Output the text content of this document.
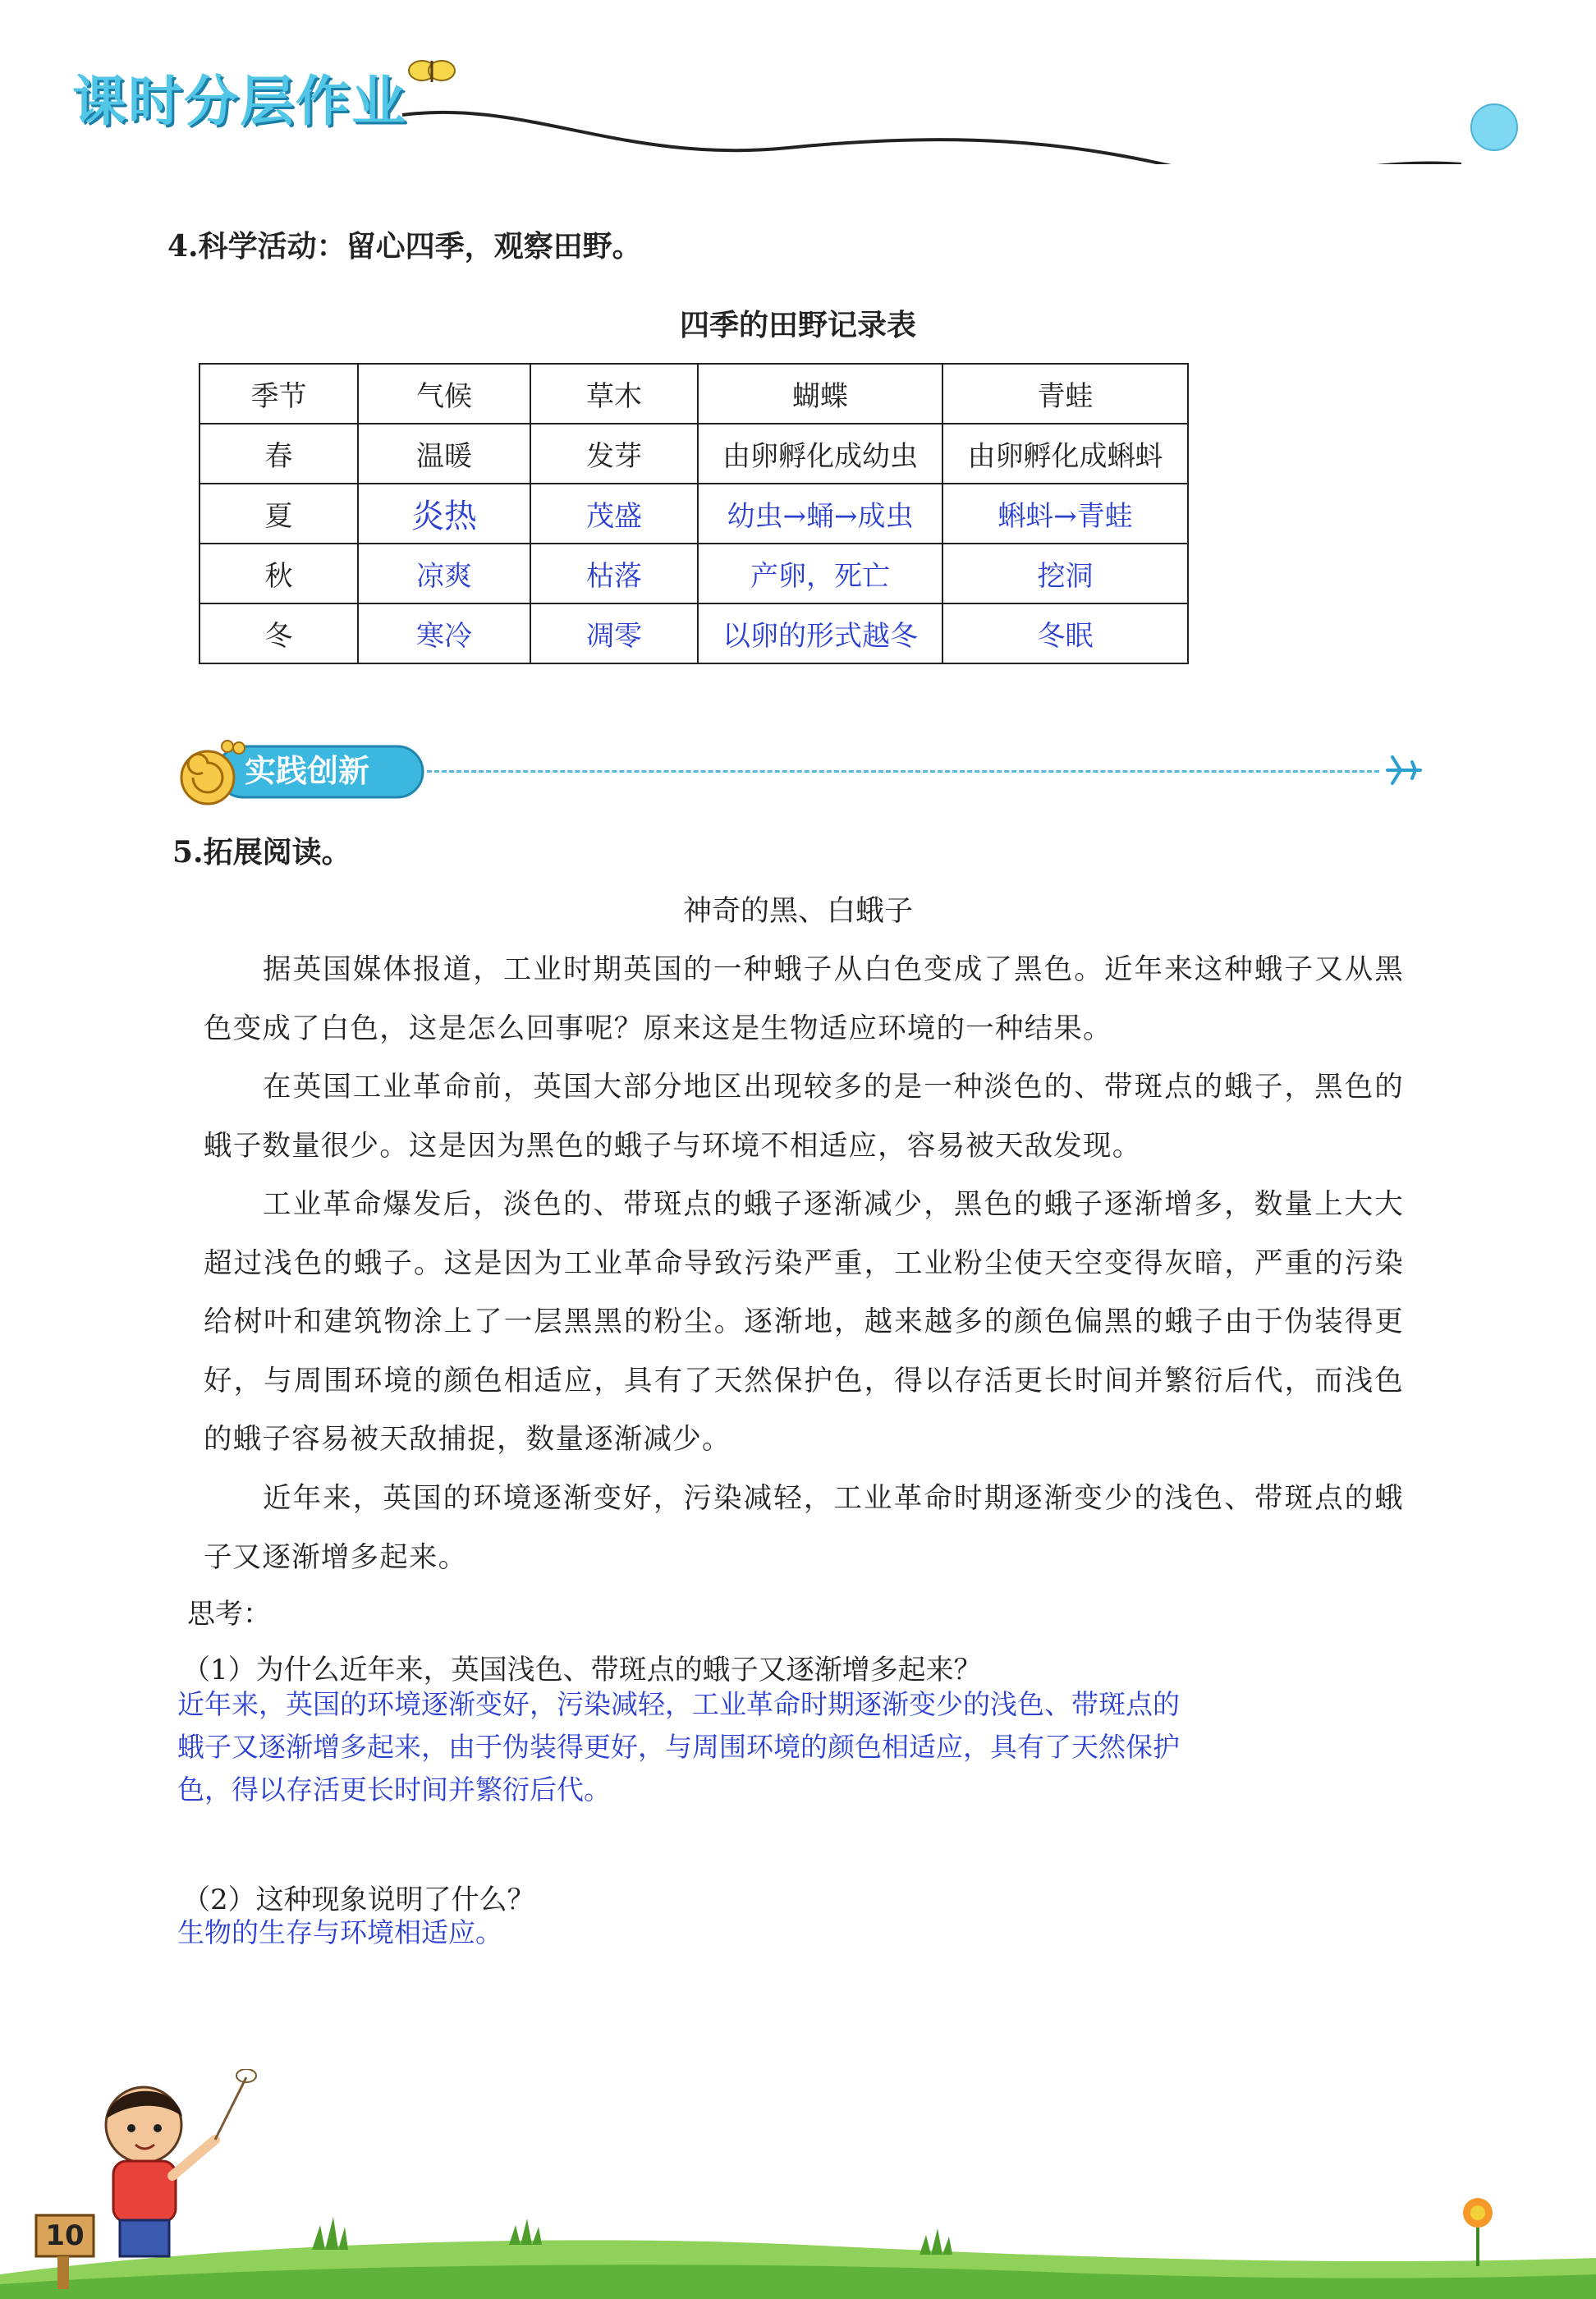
课时分层作业
4.科学活动：留心四季，观察田野。
四季的田野记录表
季节	气候	草木	蝴蝶	青蛙
春	温暖	发芽	由卵孵化成幼虫	由卵孵化成蝌蚪
夏	炎热	茂盛	幼虫→蛹→成虫	蝌蚪→青蛙
秋	凉爽	枯落	产卵，死亡	挖洞
冬	寒冷	凋零	以卵的形式越冬	冬眠
实践创新
5.拓展阅读。
神奇的黑、白蛾子

据英国媒体报道，工业时期英国的一种蛾子从白色变成了黑色。近年来这种蛾子又从黑色变成了白色，这是怎么回事呢？原来这是生物适应环境的一种结果。

在英国工业革命前，英国大部分地区出现较多的是一种淡色的、带斑点的蛾子，黑色的蛾子数量很少。这是因为黑色的蛾子与环境不相适应，容易被天敌发现。

工业革命爆发后，淡色的、带斑点的蛾子逐渐减少，黑色的蛾子逐渐增多，数量上大大超过浅色的蛾子。这是因为工业革命导致污染严重，工业粉尘使天空变得灰暗，严重的污染给树叶和建筑物涂上了一层黑黑的粉尘。逐渐地，越来越多的颜色偏黑的蛾子由于伪装得更好，与周围环境的颜色相适应，具有了天然保护色，得以存活更长时间并繁衍后代，而浅色的蛾子容易被天敌捕捉，数量逐渐减少。

近年来，英国的环境逐渐变好，污染减轻，工业革命时期逐渐变少的浅色、带斑点的蛾子又逐渐增多起来。

思考：
（1）为什么近年来，英国浅色、带斑点的蛾子又逐渐增多起来？
近年来，英国的环境逐渐变好，污染减轻，工业革命时期逐渐变少的浅色、带斑点的蛾子又逐渐增多起来，由于伪装得更好，与周围环境的颜色相适应，具有了天然保护色，得以存活更长时间并繁衍后代。
（2）这种现象说明了什么？
生物的生存与环境相适应。
10
